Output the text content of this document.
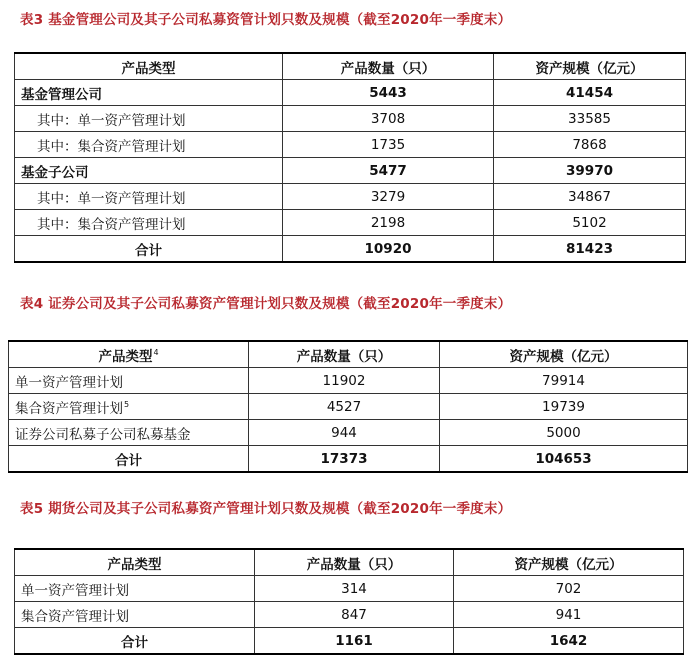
表3 基金管理公司及其子公司私募资管计划只数及规模（截至2020年一季度末）
产品类型	产品数量（只）	资产规模（亿元）
基金管理公司	5443	41454
其中：单一资产管理计划	3708	33585
其中：集合资产管理计划	1735	7868
基金子公司	5477	39970
其中：单一资产管理计划	3279	34867
其中：集合资产管理计划	2198	5102
合计	10920	81423
表4 证券公司及其子公司私募资产管理计划只数及规模（截至2020年一季度末）
产品类型$^4$	产品数量（只）	资产规模（亿元）
单一资产管理计划	11902	79914
集合资产管理计划$^5$	4527	19739
证券公司私募子公司私募基金	944	5000
合计	17373	104653
表5 期货公司及其子公司私募资产管理计划只数及规模（截至2020年一季度末）
产品类型	产品数量（只）	资产规模（亿元）
单一资产管理计划	314	702
集合资产管理计划	847	941
合计	1161	1642
